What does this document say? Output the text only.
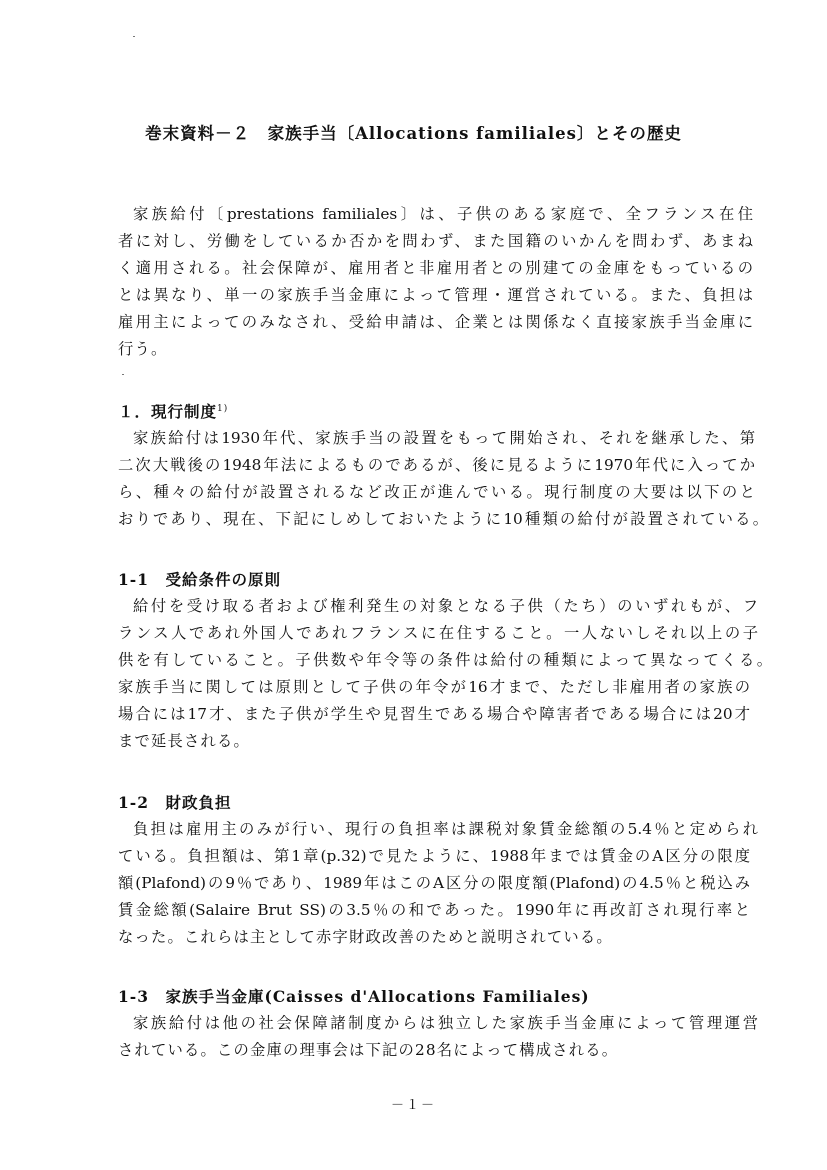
巻末資料－２　家族手当〔Allocations familiales〕とその歴史
家族給付〔prestations familiales〕は、子供のある家庭で、全フランス在住
者に対し、労働をしているか否かを問わず、また国籍のいかんを問わず、あまね
く適用される。社会保障が、雇用者と非雇用者との別建ての金庫をもっているの
とは異なり、単一の家族手当金庫によって管理・運営されている。また、負担は
雇用主によってのみなされ、受給申請は、企業とは関係なく直接家族手当金庫に
行う。
１．現行制度$^{1)}$
家族給付は1930年代、家族手当の設置をもって開始され、それを継承した、第
二次大戦後の1948年法によるものであるが、後に見るように1970年代に入ってか
ら、種々の給付が設置されるなど改正が進んでいる。現行制度の大要は以下のと
おりであり、現在、下記にしめしておいたように10種類の給付が設置されている。
1-1　受給条件の原則
給付を受け取る者および権利発生の対象となる子供（たち）のいずれもが、フ
ランス人であれ外国人であれフランスに在住すること。一人ないしそれ以上の子
供を有していること。子供数や年令等の条件は給付の種類によって異なってくる。
家族手当に関しては原則として子供の年令が16才まで、ただし非雇用者の家族の
場合には17才、また子供が学生や見習生である場合や障害者である場合には20才
まで延長される。
1-2　財政負担
負担は雇用主のみが行い、現行の負担率は課税対象賃金総額の5.4％と定められ
ている。負担額は、第1章(p.32)で見たように、1988年までは賃金のA区分の限度
額(Plafond)の9％であり、1989年はこのA区分の限度額(Plafond)の4.5％と税込み
賃金総額(Salaire Brut SS)の3.5％の和であった。1990年に再改訂され現行率と
なった。これらは主として赤字財政改善のためと説明されている。
1-3　家族手当金庫(Caisses d'Allocations Familiales)
家族給付は他の社会保障諸制度からは独立した家族手当金庫によって管理運営
されている。この金庫の理事会は下記の28名によって構成される。
－１－
